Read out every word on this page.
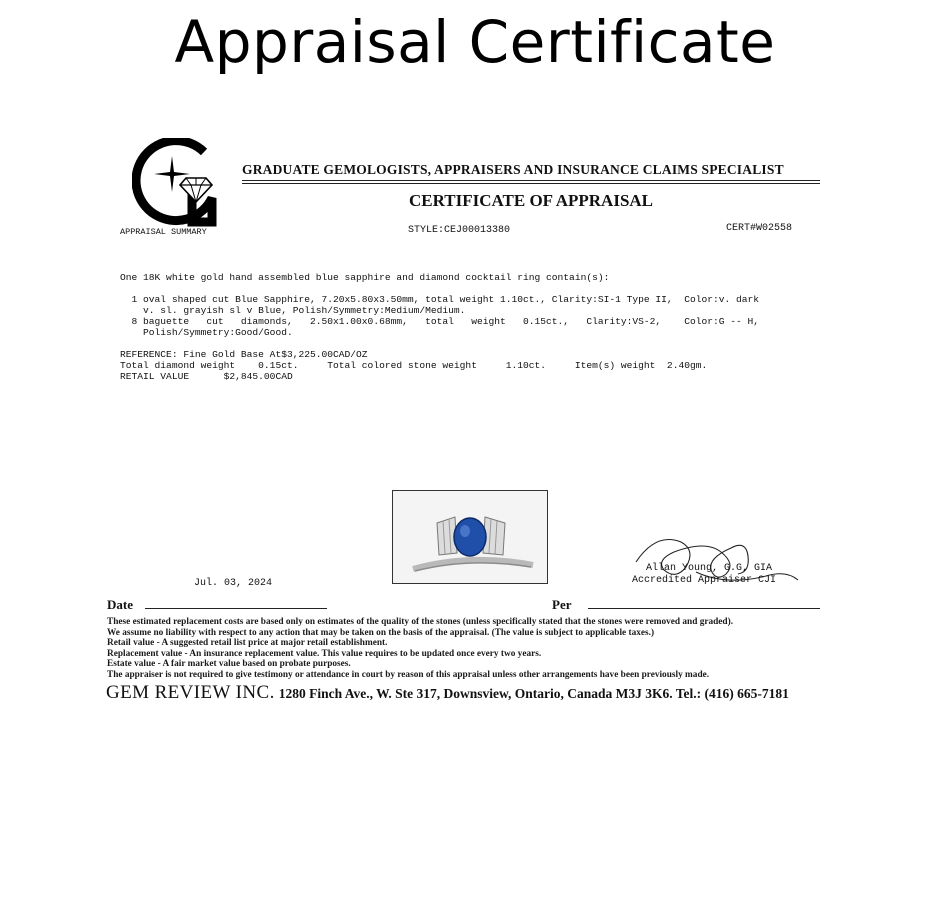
Appraisal Certificate
GRADUATE GEMOLOGISTS, APPRAISERS AND INSURANCE CLAIMS SPECIALIST
CERTIFICATE OF APPRAISAL
APPRAISAL SUMMARY	STYLE:CEJ00013380	CERT#W02558
One 18K white gold hand assembled blue sapphire and diamond cocktail ring contain(s):

1 oval shaped cut Blue Sapphire, 7.20x5.80x3.50mm, total weight 1.10ct., Clarity:SI-1 Type II,  Color:v. dark
v. sl. grayish sl v Blue, Polish/Symmetry:Medium/Medium.
8 baguette   cut   diamonds,   2.50x1.00x0.68mm,   total   weight   0.15ct.,   Clarity:VS-2,    Color:G -- H,
Polish/Symmetry:Good/Good.

REFERENCE: Fine Gold Base At$3,225.00CAD/OZ
Total diamond weight    0.15ct.     Total colored stone weight     1.10ct.     Item(s) weight  2.40gm.
RETAIL VALUE      $2,845.00CAD
Jul. 03, 2024
Allan Young, G.G, GIA
Accredited Appraiser CJI
Date	Per
These estimated replacement costs are based only on estimates of the quality of the stones (unless specifically stated that the stones were removed and graded).
We assume no liability with respect to any action that may be taken on the basis of the appraisal. (The value is subject to applicable taxes.)
Retail value - A suggested retail list price at major retail establishment.
Replacement value - An insurance replacement value. This value requires to be updated once every two years.
Estate value - A fair market value based on probate purposes.
The appraiser is not required to give testimony or attendance in court by reason of this appraisal unless other arrangements have been previously made.
GEM REVIEW INC. 1280 Finch Ave., W. Ste 317, Downsview, Ontario, Canada M3J 3K6. Tel.: (416) 665-7181
